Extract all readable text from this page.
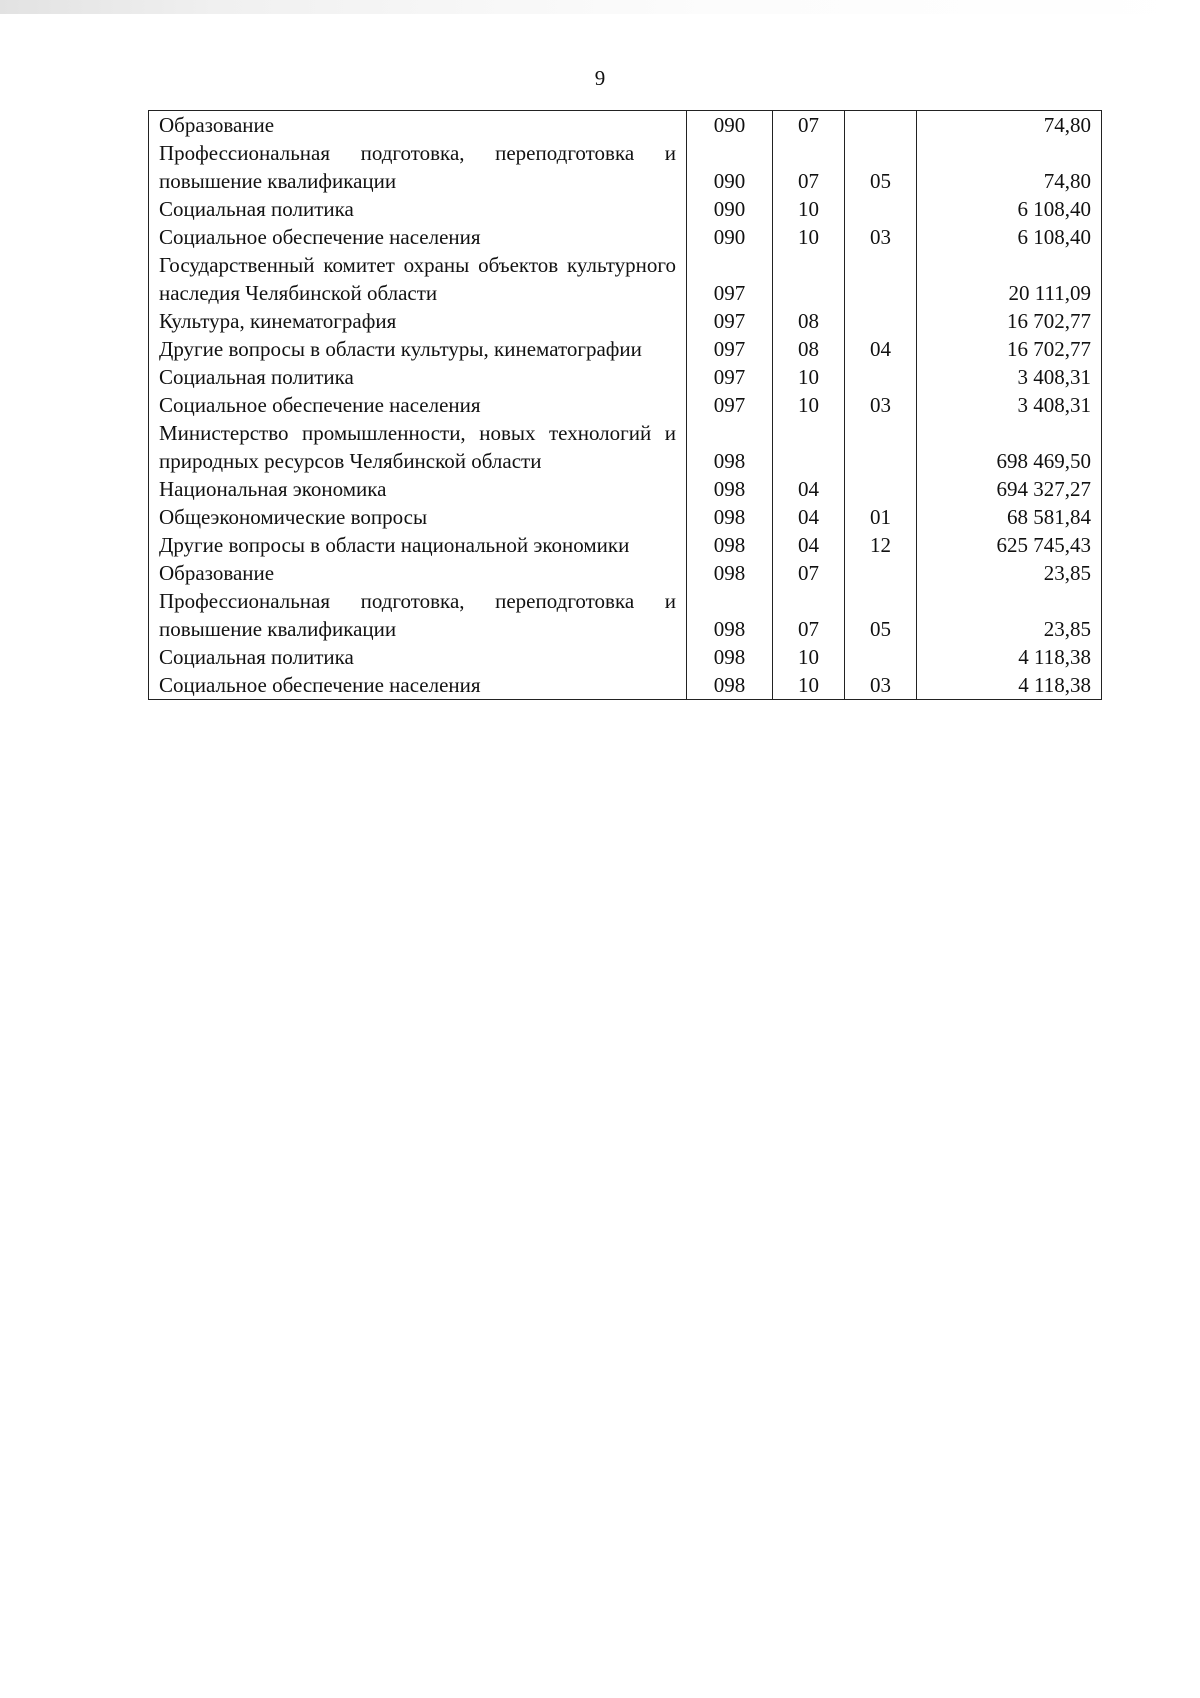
9
Образование	090	07		74,80
Профессиональная подготовка, переподготовка и повышение квалификации	090	07	05	74,80
Социальная политика	090	10		6 108,40
Социальное обеспечение населения	090	10	03	6 108,40
Государственный комитет охраны объектов культурного наследия Челябинской области	097			20 111,09
Культура, кинематография	097	08		16 702,77
Другие вопросы в области культуры, кинематографии	097	08	04	16 702,77
Социальная политика	097	10		3 408,31
Социальное обеспечение населения	097	10	03	3 408,31
Министерство промышленности, новых технологий и природных ресурсов Челябинской области	098			698 469,50
Национальная экономика	098	04		694 327,27
Общеэкономические вопросы	098	04	01	68 581,84
Другие вопросы в области национальной экономики	098	04	12	625 745,43
Образование	098	07		23,85
Профессиональная подготовка, переподготовка и повышение квалификации	098	07	05	23,85
Социальная политика	098	10		4 118,38
Социальное обеспечение населения	098	10	03	4 118,38
